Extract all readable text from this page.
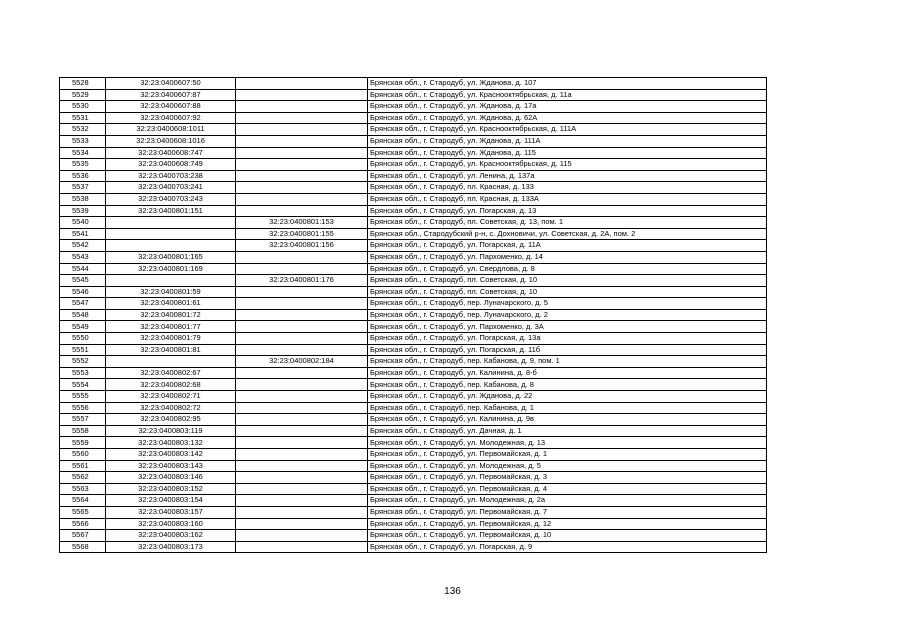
5528	32:23:0400607:50		Брянская обл., г. Стародуб, ул. Жданова, д. 107
5529	32:23:0400607:87		Брянская обл., г. Стародуб, ул. Краснооктябрьская, д. 11а
5530	32:23:0400607:88		Брянская обл., г. Стародуб, ул. Жданова, д. 17а
5531	32:23:0400607:92		Брянская обл., г. Стародуб, ул. Жданова, д. 62А
5532	32:23:0400608:1011		Брянская обл., г. Стародуб, ул. Краснооктябрьская, д. 111А
5533	32:23:0400608:1016		Брянская обл., г. Стародуб, ул. Жданова, д. 111А
5534	32:23:0400608:747		Брянская обл., г. Стародуб, ул. Жданова, д. 115
5535	32:23:0400608:749		Брянская обл., г. Стародуб, ул. Краснооктябрьская, д. 115
5536	32:23:0400703:238		Брянская обл., г. Стародуб, ул. Ленина, д. 137а
5537	32:23:0400703:241		Брянская обл., г. Стародуб, пл. Красная, д. 133
5538	32:23:0400703:243		Брянская обл., г. Стародуб, пл. Красная, д. 133А
5539	32:23:0400801:151		Брянская обл., г. Стародуб, ул. Погарская, д. 13
5540		32:23:0400801:153	Брянская обл., г. Стародуб, пл. Советская, д. 13, пом. 1
5541		32:23:0400801:155	Брянская обл., Стародубский р-н, с. Дохновичи, ул. Советская, д. 2А, пом. 2
5542		32:23:0400801:156	Брянская обл., г. Стародуб, ул. Погарская, д. 11А
5543	32:23:0400801:165		Брянская обл., г. Стародуб, ул. Пархоменко, д. 14
5544	32:23:0400801:169		Брянская обл., г. Стародуб, ул. Свердлова, д. 8
5545		32:23:0400801:176	Брянская обл., г. Стародуб, пл. Советская, д. 10
5546	32:23:0400801:59		Брянская обл., г. Стародуб, пл. Советская, д. 10
5547	32:23:0400801:61		Брянская обл., г. Стародуб, пер. Луначарского, д. 5
5548	32:23:0400801:72		Брянская обл., г. Стародуб, пер. Луначарского, д. 2
5549	32:23:0400801:77		Брянская обл., г. Стародуб, ул. Пархоменко, д. 3А
5550	32:23:0400801:79		Брянская обл., г. Стародуб, ул. Погарская, д. 13а
5551	32:23:0400801:81		Брянская обл., г. Стародуб, ул. Погарская, д. 11б
5552		32:23:0400802:184	Брянская обл., г. Стародуб, пер. Кабанова, д. 9, пом. 1
5553	32:23:0400802:67		Брянская обл., г. Стародуб, ул. Калинина, д. 8-б
5554	32:23:0400802:68		Брянская обл., г. Стародуб, пер. Кабанова, д. 8
5555	32:23:0400802:71		Брянская обл., г. Стародуб, ул. Жданова, д. 22
5556	32:23:0400802:72		Брянская обл., г. Стародуб, пер. Кабанова, д. 1
5557	32:23:0400802:95		Брянская обл., г. Стародуб, ул. Калинина, д. 9в
5558	32:23:0400803:119		Брянская обл., г. Стародуб, ул. Дачная, д. 1
5559	32:23:0400803:132		Брянская обл., г. Стародуб, ул. Молодежная, д. 13
5560	32:23:0400803:142		Брянская обл., г. Стародуб, ул. Первомайская, д. 1
5561	32:23:0400803:143		Брянская обл., г. Стародуб, ул. Молодежная, д. 5
5562	32:23:0400803:146		Брянская обл., г. Стародуб, ул. Первомайская, д. 3
5563	32:23:0400803:152		Брянская обл., г. Стародуб, ул. Первомайская, д. 4
5564	32:23:0400803:154		Брянская обл., г. Стародуб, ул. Молодежная, д. 2а
5565	32:23:0400803:157		Брянская обл., г. Стародуб, ул. Первомайская, д. 7
5566	32:23:0400803:160		Брянская обл., г. Стародуб, ул. Первомайская, д. 12
5567	32:23:0400803:162		Брянская обл., г. Стародуб, ул. Первомайская, д. 10
5568	32:23:0400803:173		Брянская обл., г. Стародуб, ул. Погарская, д. 9
136
